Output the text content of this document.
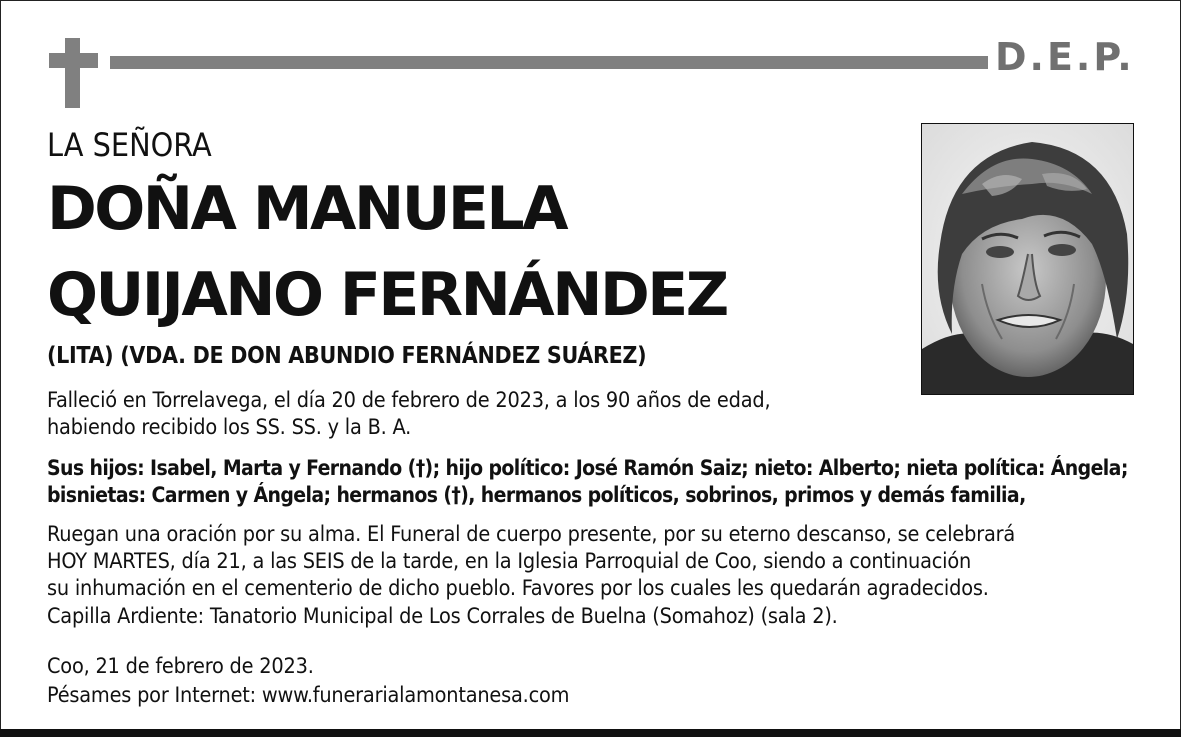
D.E.P.
LA SEÑORA
DOÑA MANUELA
QUIJANO FERNÁNDEZ
(LITA) (VDA. DE DON ABUNDIO FERNÁNDEZ SUÁREZ)
Falleció en Torrelavega, el día 20 de febrero de 2023, a los 90 años de edad,
habiendo recibido los SS. SS. y la B. A.
Sus hijos: Isabel, Marta y Fernando (†); hijo político: José Ramón Saiz; nieto: Alberto; nieta política: Ángela;
bisnietas: Carmen y Ángela; hermanos (†), hermanos políticos, sobrinos, primos y demás familia,
Ruegan una oración por su alma. El Funeral de cuerpo presente, por su eterno descanso, se celebrará
HOY MARTES, día 21, a las SEIS de la tarde, en la Iglesia Parroquial de Coo, siendo a continuación
su inhumación en el cementerio de dicho pueblo. Favores por los cuales les quedarán agradecidos.
Capilla Ardiente: Tanatorio Municipal de Los Corrales de Buelna (Somahoz) (sala 2).
Coo, 21 de febrero de 2023.
Pésames por Internet: www.funerarialamontanesa.com
